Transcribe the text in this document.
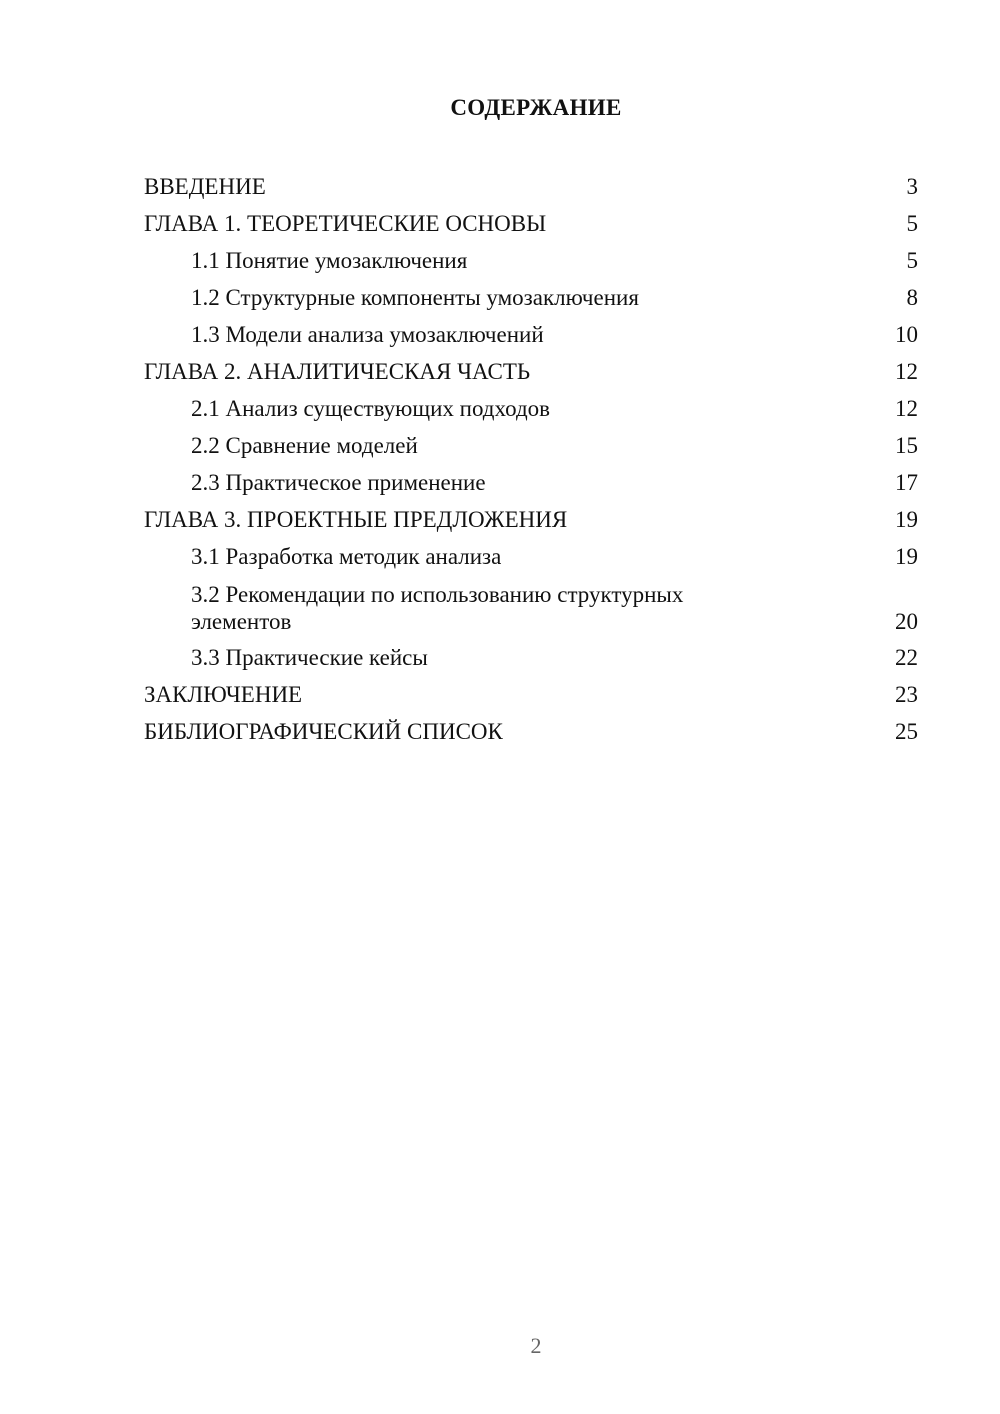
СОДЕРЖАНИЕ
ВВЕДЕНИЕ	3
ГЛАВА 1. ТЕОРЕТИЧЕСКИЕ ОСНОВЫ	5
1.1 Понятие умозаключения	5
1.2 Структурные компоненты умозаключения	8
1.3 Модели анализа умозаключений	10
ГЛАВА 2. АНАЛИТИЧЕСКАЯ ЧАСТЬ	12
2.1 Анализ существующих подходов	12
2.2 Сравнение моделей	15
2.3 Практическое применение	17
ГЛАВА 3. ПРОЕКТНЫЕ ПРЕДЛОЖЕНИЯ	19
3.1 Разработка методик анализа	19
3.2 Рекомендации по использованию структурных элементов	20
3.3 Практические кейсы	22
ЗАКЛЮЧЕНИЕ	23
БИБЛИОГРАФИЧЕСКИЙ СПИСОК	25
2
